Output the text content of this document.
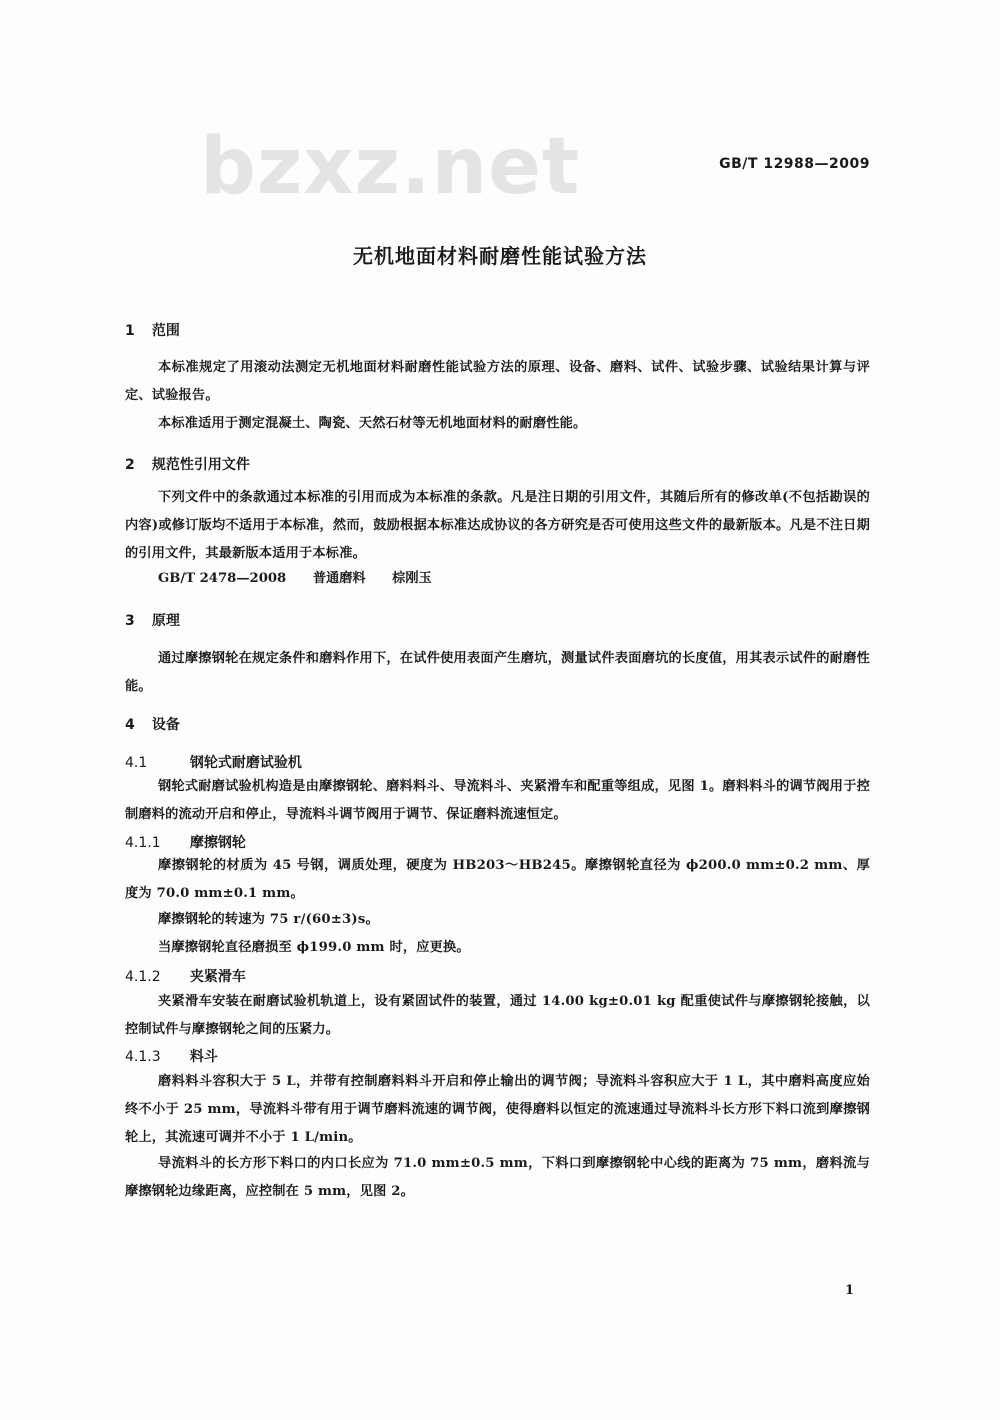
bzxz.net	GB/T 12988—2009
无机地面材料耐磨性能试验方法
1 范围
本标准规定了用滚动法测定无机地面材料耐磨性能试验方法的原理、设备、磨料、试件、试验步骤、试验结果计算与评定、试验报告。
本标准适用于测定混凝土、陶瓷、天然石材等无机地面材料的耐磨性能。
2 规范性引用文件
下列文件中的条款通过本标准的引用而成为本标准的条款。凡是注日期的引用文件，其随后所有的修改单(不包括勘误的内容)或修订版均不适用于本标准，然而，鼓励根据本标准达成协议的各方研究是否可使用这些文件的最新版本。凡是不注日期的引用文件，其最新版本适用于本标准。
GB/T 2478—2008 普通磨料 棕刚玉
3 原理
通过摩擦钢轮在规定条件和磨料作用下，在试件使用表面产生磨坑，测量试件表面磨坑的长度值，用其表示试件的耐磨性能。
4 设备
4.1	钢轮式耐磨试验机
钢轮式耐磨试验机构造是由摩擦钢轮、磨料料斗、导流料斗、夹紧滑车和配重等组成，见图 1。磨料料斗的调节阀用于控制磨料的流动开启和停止，导流料斗调节阀用于调节、保证磨料流速恒定。
4.1.1 摩擦钢轮
摩擦钢轮的材质为 45 号钢，调质处理，硬度为 HB203～HB245。摩擦钢轮直径为 ϕ200.0 mm±0.2 mm、厚度为 70.0 mm±0.1 mm。
摩擦钢轮的转速为 75 r/(60±3)s。
当摩擦钢轮直径磨损至 ϕ199.0 mm 时，应更换。
4.1.2 夹紧滑车
夹紧滑车安装在耐磨试验机轨道上，设有紧固试件的装置，通过 14.00 kg±0.01 kg 配重使试件与摩擦钢轮接触，以控制试件与摩擦钢轮之间的压紧力。
4.1.3 料斗
磨料料斗容积大于 5 L，并带有控制磨料料斗开启和停止输出的调节阀；导流料斗容积应大于 1 L，其中磨料高度应始终不小于 25 mm，导流料斗带有用于调节磨料流速的调节阀，使得磨料以恒定的流速通过导流料斗长方形下料口流到摩擦钢轮上，其流速可调并不小于 1 L/min。
导流料斗的长方形下料口的内口长应为 71.0 mm±0.5 mm，下料口到摩擦钢轮中心线的距离为 75 mm，磨料流与摩擦钢轮边缘距离，应控制在 5 mm，见图 2。
1
